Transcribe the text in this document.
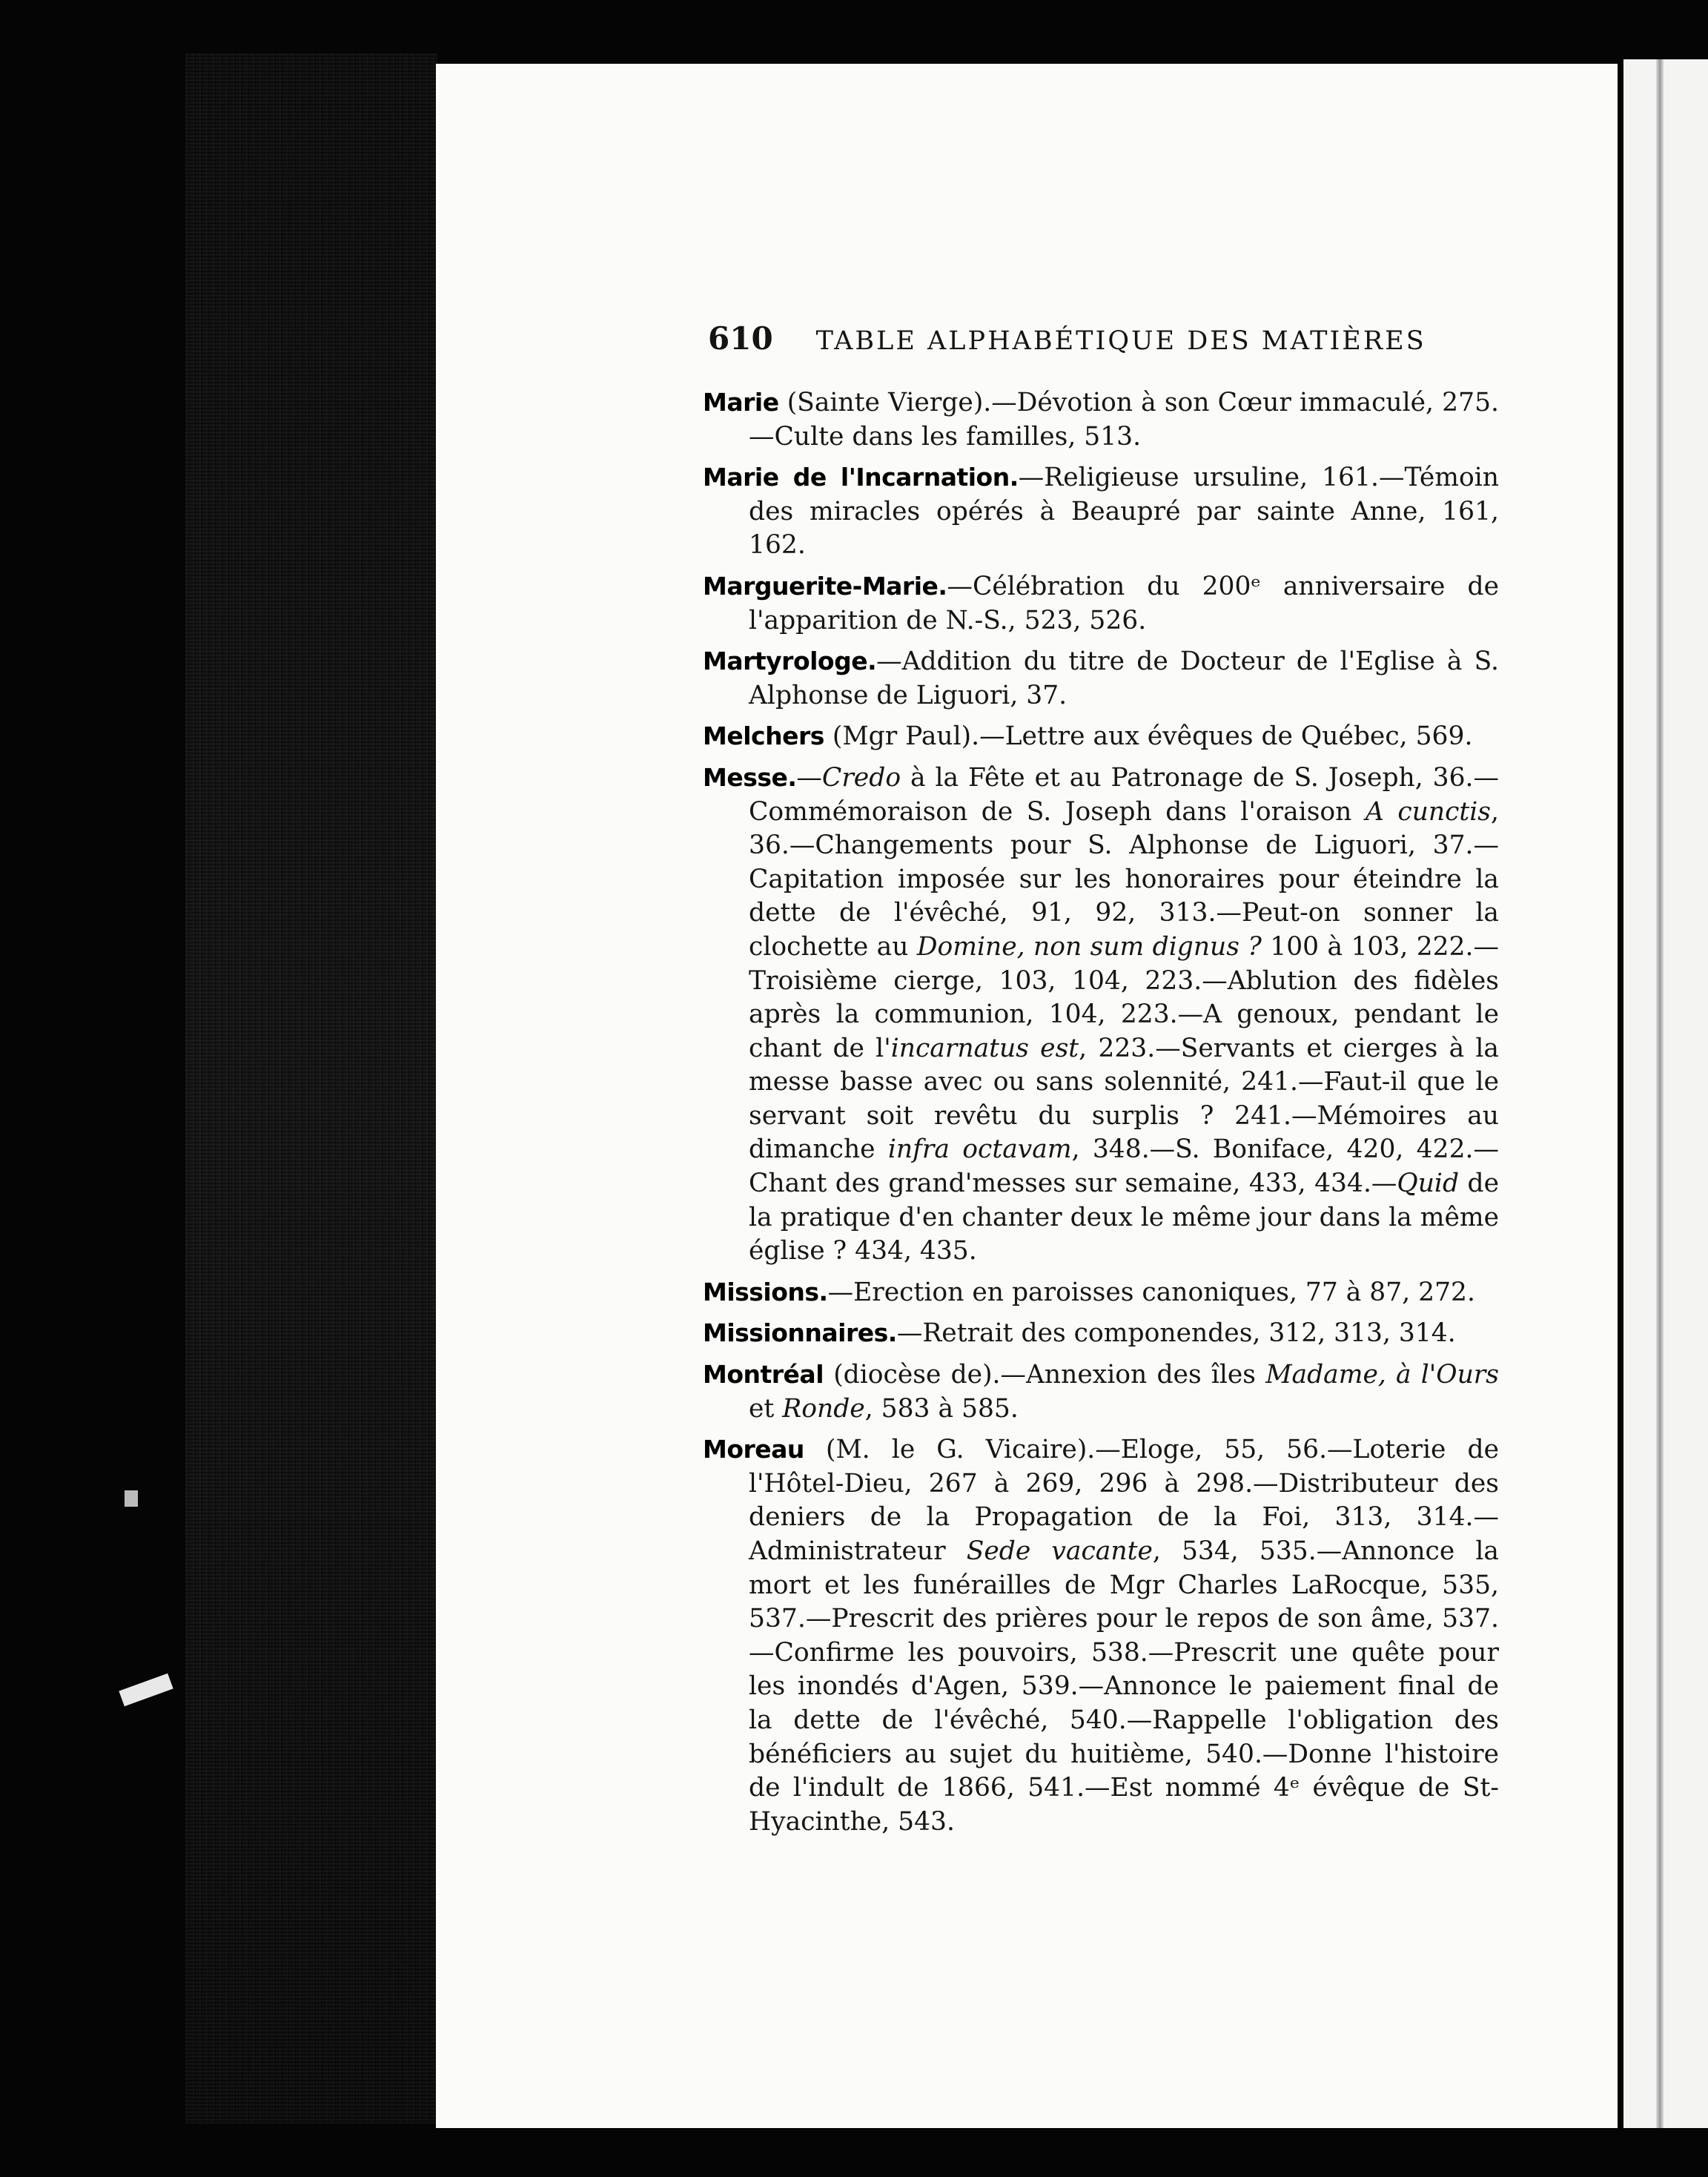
610 TABLE ALPHABÉTIQUE DES MATIÈRES
Marie (Sainte Vierge).—Dévotion à son Cœur immaculé, 275.—Culte dans les familles, 513.
Marie de l'Incarnation.—Religieuse ursuline, 161.—Témoin des miracles opérés à Beaupré par sainte Anne, 161, 162.
Marguerite-Marie.—Célébration du 200ᵉ anniversaire de l'apparition de N.-S., 523, 526.
Martyrologe.—Addition du titre de Docteur de l'Eglise à S. Alphonse de Liguori, 37.
Melchers (Mgr Paul).—Lettre aux évêques de Québec, 569.
Messe.—Credo à la Fête et au Patronage de S. Joseph, 36.—Commémoraison de S. Joseph dans l'oraison A cunctis, 36.—Changements pour S. Alphonse de Liguori, 37.—Capitation imposée sur les honoraires pour éteindre la dette de l'évêché, 91, 92, 313.—Peut-on sonner la clochette au Domine, non sum dignus ? 100 à 103, 222.—Troisième cierge, 103, 104, 223.—Ablution des fidèles après la communion, 104, 223.—A genoux, pendant le chant de l'incarnatus est, 223.—Servants et cierges à la messe basse avec ou sans solennité, 241.—Faut-il que le servant soit revêtu du surplis ? 241.—Mémoires au dimanche infra octavam, 348.—S. Boniface, 420, 422.—Chant des grand'messes sur semaine, 433, 434.—Quid de la pratique d'en chanter deux le même jour dans la même église ? 434, 435.
Missions.—Erection en paroisses canoniques, 77 à 87, 272.
Missionnaires.—Retrait des componendes, 312, 313, 314.
Montréal (diocèse de).—Annexion des îles Madame, à l'Ours et Ronde, 583 à 585.
Moreau (M. le G. Vicaire).—Eloge, 55, 56.—Loterie de l'Hôtel-Dieu, 267 à 269, 296 à 298.—Distributeur des deniers de la Propagation de la Foi, 313, 314.—Administrateur Sede vacante, 534, 535.—Annonce la mort et les funérailles de Mgr Charles LaRocque, 535, 537.—Prescrit des prières pour le repos de son âme, 537.—Confirme les pouvoirs, 538.—Prescrit une quête pour les inondés d'Agen, 539.—Annonce le paiement final de la dette de l'évêché, 540.—Rappelle l'obligation des bénéficiers au sujet du huitième, 540.—Donne l'histoire de l'indult de 1866, 541.—Est nommé 4ᵉ évêque de St-Hyacinthe, 543.
